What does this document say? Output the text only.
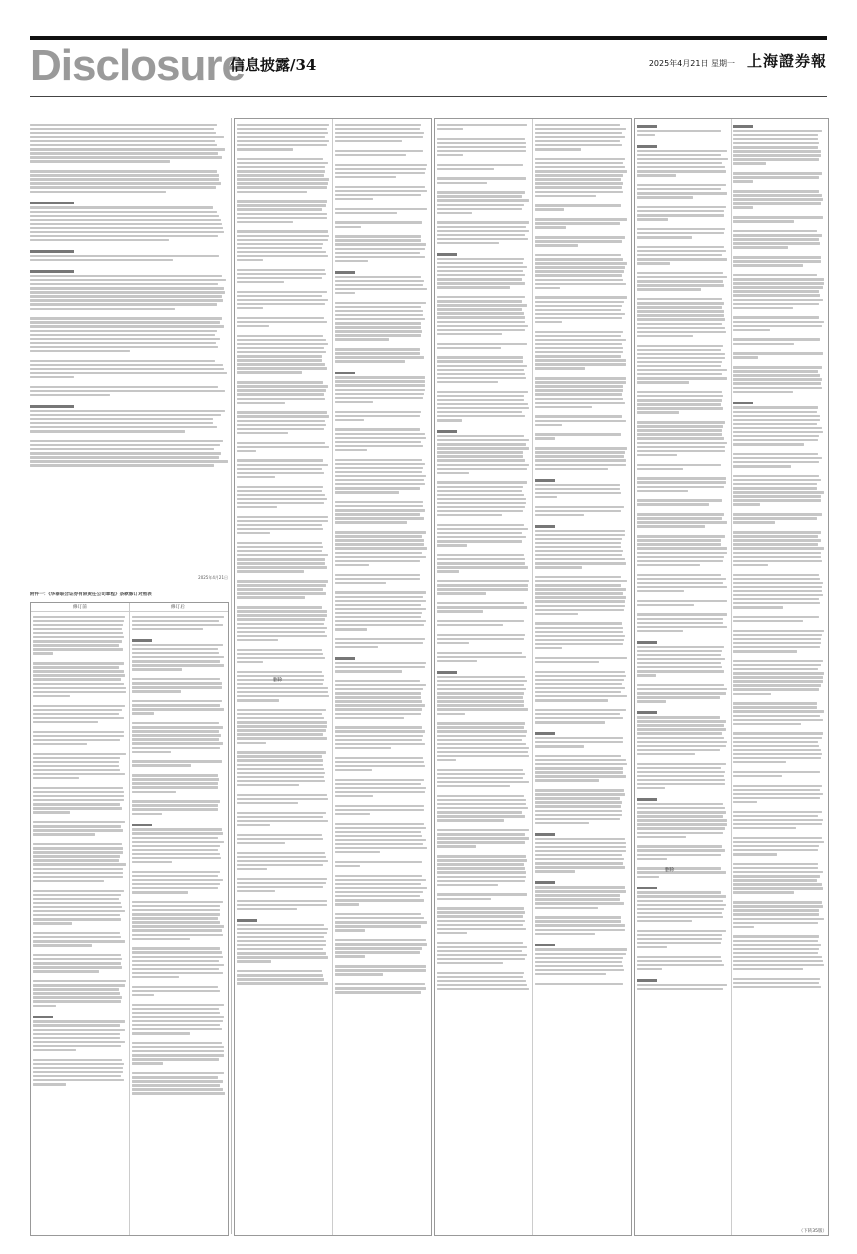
Disclosure
信息披露/34	2025年4月21日 星期一 上海證券報
2025年4月21日
附件一：《华泰联合证券有限责任公司章程》条款修订对照表
修订前	修订后
删除
删除
（下转35版）
